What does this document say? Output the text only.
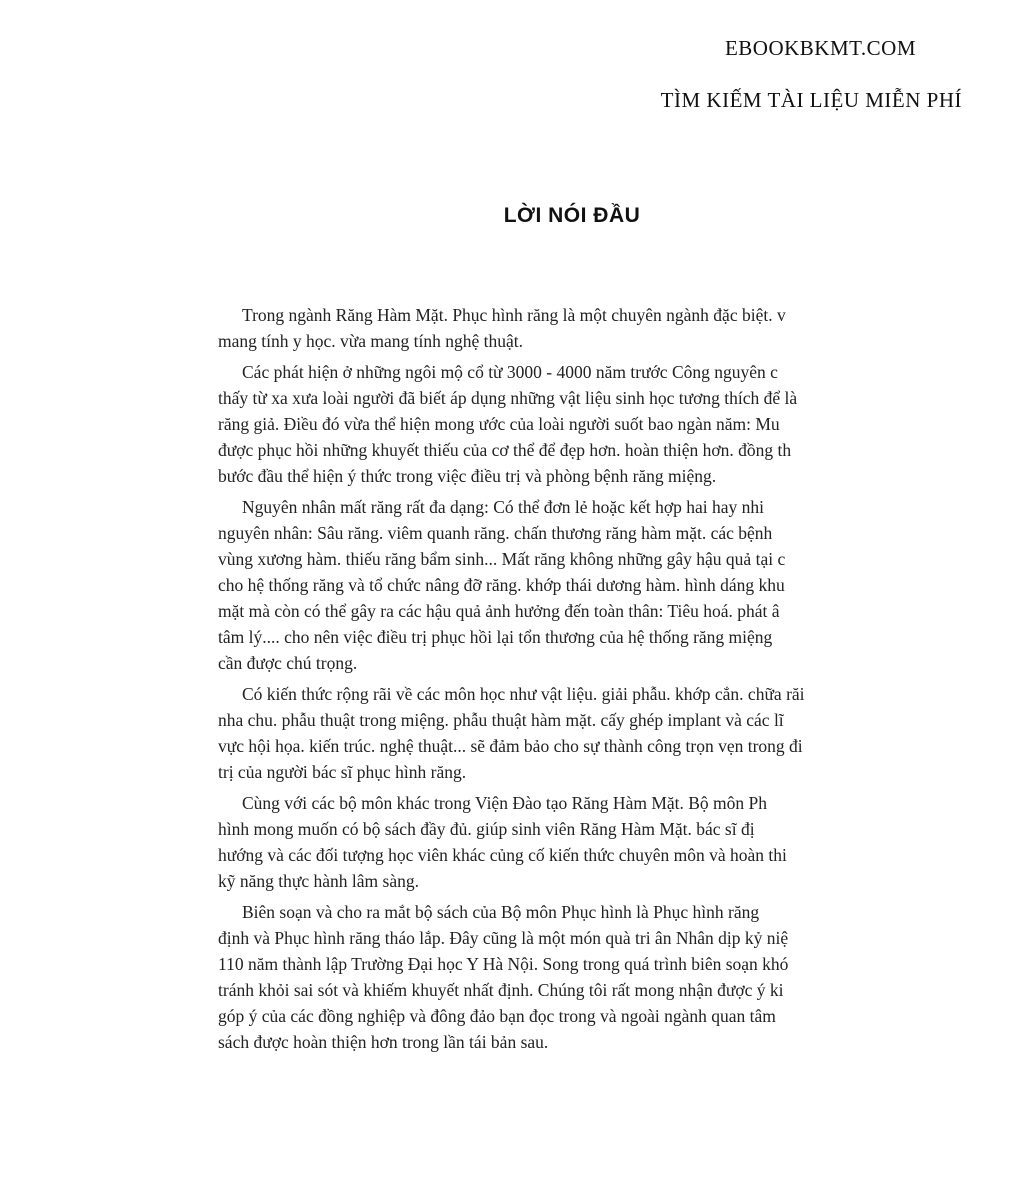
EBOOKBKMT.COM
TÌM KIẾM TÀI LIỆU MIỄN PHÍ
LỜI NÓI ĐẦU
Trong ngành Răng Hàm Mặt. Phục hình răng là một chuyên ngành đặc biệt. v
mang tính y học. vừa mang tính nghệ thuật.
Các phát hiện ở những ngôi mộ cổ từ 3000 - 4000 năm trước Công nguyên c
thấy từ xa xưa loài người đã biết áp dụng những vật liệu sinh học tương thích để là
răng giả. Điều đó vừa thể hiện mong ước của loài người suốt bao ngàn năm: Mu
được phục hồi những khuyết thiếu của cơ thể để đẹp hơn. hoàn thiện hơn. đồng th
bước đầu thể hiện ý thức trong việc điều trị và phòng bệnh răng miệng.
Nguyên nhân mất răng rất đa dạng: Có thể đơn lẻ hoặc kết hợp hai hay nhi
nguyên nhân: Sâu răng. viêm quanh răng. chấn thương răng hàm mặt. các bệnh
vùng xương hàm. thiếu răng bẩm sinh... Mất răng không những gây hậu quả tại c
cho hệ thống răng và tổ chức nâng đỡ răng. khớp thái dương hàm. hình dáng khu
mặt mà còn có thể gây ra các hậu quả ảnh hưởng đến toàn thân: Tiêu hoá. phát â
tâm lý.... cho nên việc điều trị phục hồi lại tổn thương của hệ thống răng miệng
cần được chú trọng.
Có kiến thức rộng rãi về các môn học như vật liệu. giải phẫu. khớp cắn. chữa răi
nha chu. phẫu thuật trong miệng. phẫu thuật hàm mặt. cấy ghép implant và các lĩ
vực hội họa. kiến trúc. nghệ thuật... sẽ đảm bảo cho sự thành công trọn vẹn trong đi
trị của người bác sĩ phục hình răng.
Cùng với các bộ môn khác trong Viện Đào tạo Răng Hàm Mặt. Bộ môn Ph
hình mong muốn có bộ sách đầy đủ. giúp sinh viên Răng Hàm Mặt. bác sĩ đị
hướng và các đối tượng học viên khác củng cố kiến thức chuyên môn và hoàn thi
kỹ năng thực hành lâm sàng.
Biên soạn và cho ra mắt bộ sách của Bộ môn Phục hình là Phục hình răng
định và Phục hình răng tháo lắp. Đây cũng là một món quà tri ân Nhân dịp kỷ niệ
110 năm thành lập Trường Đại học Y Hà Nội. Song trong quá trình biên soạn khó
tránh khỏi sai sót và khiếm khuyết nhất định. Chúng tôi rất mong nhận được ý ki
góp ý của các đồng nghiệp và đông đảo bạn đọc trong và ngoài ngành quan tâm
sách được hoàn thiện hơn trong lần tái bản sau.
